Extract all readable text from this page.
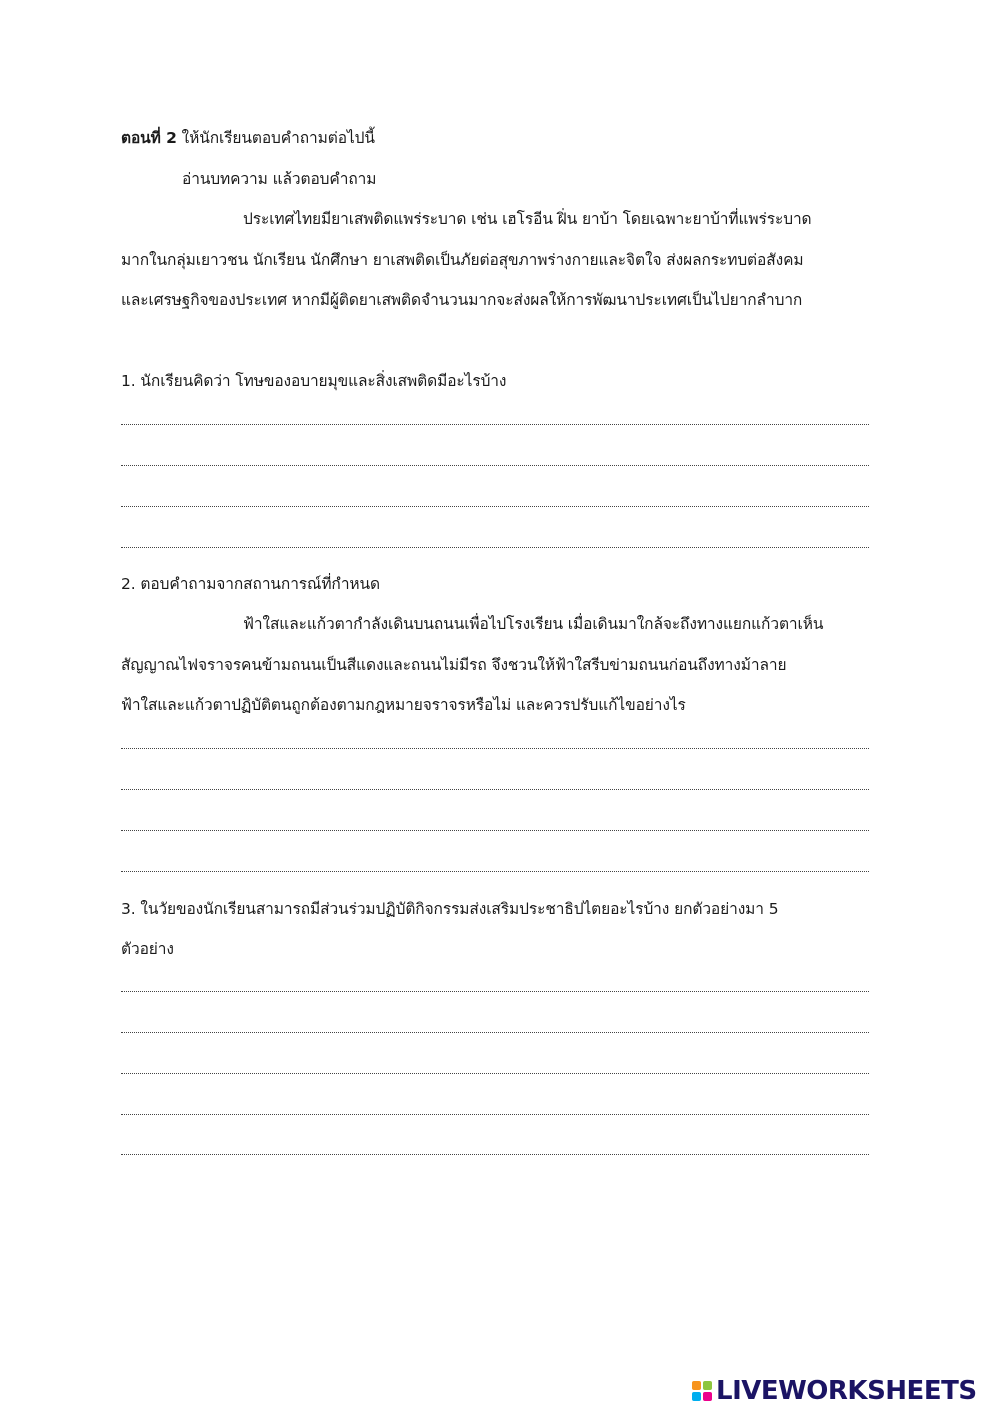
ตอนที่ 2 ให้นักเรียนตอบคำถามต่อไปนี้
อ่านบทความ แล้วตอบคำถาม
ประเทศไทยมียาเสพติดแพร่ระบาด เช่น เฮโรอีน ฝิ่น ยาบ้า โดยเฉพาะยาบ้าที่แพร่ระบาด
มากในกลุ่มเยาวชน นักเรียน นักศึกษา ยาเสพติดเป็นภัยต่อสุขภาพร่างกายและจิตใจ ส่งผลกระทบต่อสังคม
และเศรษฐกิจของประเทศ หากมีผู้ติดยาเสพติดจำนวนมากจะส่งผลให้การพัฒนาประเทศเป็นไปยากลำบาก
1. นักเรียนคิดว่า โทษของอบายมุขและสิ่งเสพติดมีอะไรบ้าง
2. ตอบคำถามจากสถานการณ์ที่กำหนด
ฟ้าใสและแก้วตากำลังเดินบนถนนเพื่อไปโรงเรียน เมื่อเดินมาใกล้จะถึงทางแยกแก้วตาเห็น
สัญญาณไฟจราจรคนข้ามถนนเป็นสีแดงและถนนไม่มีรถ จึงชวนให้ฟ้าใสรีบข่ามถนนก่อนถึงทางม้าลาย
ฟ้าใสและแก้วตาปฏิบัติตนถูกต้องตามกฎหมายจราจรหรือไม่ และควรปรับแก้ไขอย่างไร
3. ในวัยของนักเรียนสามารถมีส่วนร่วมปฏิบัติกิจกรรมส่งเสริมประชาธิปไตยอะไรบ้าง ยกตัวอย่างมา 5
ตัวอย่าง
LIVEWORKSHEETS
